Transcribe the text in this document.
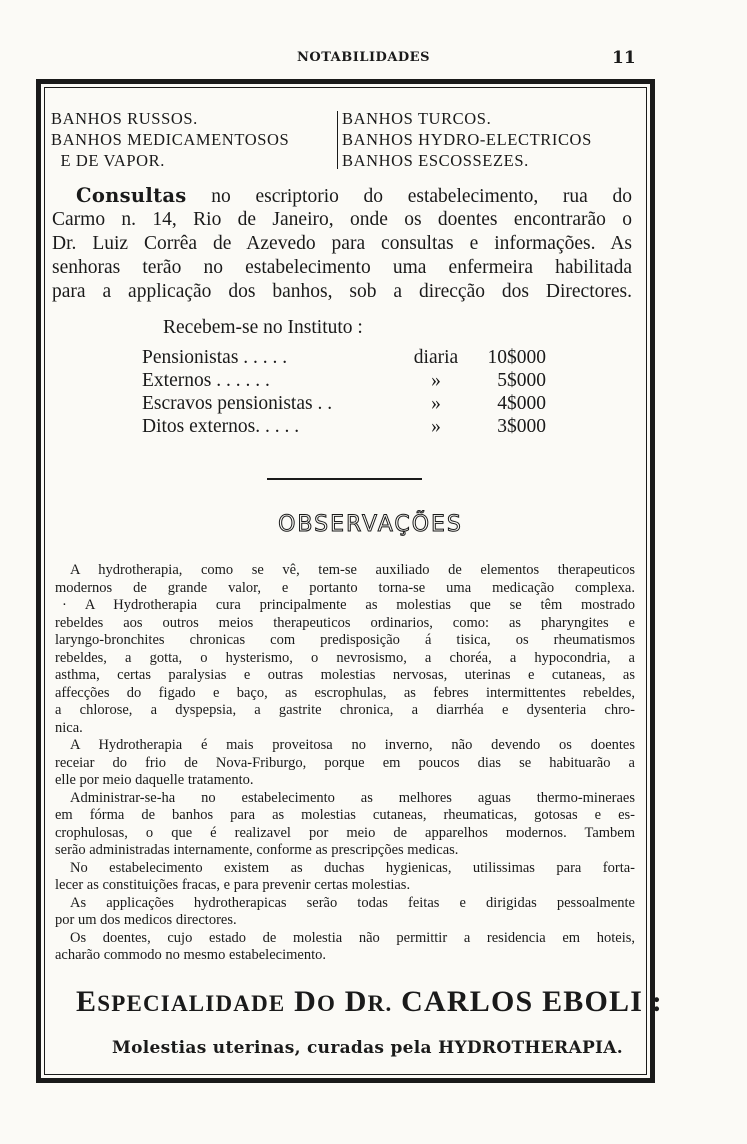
NOTABILIDADES	11
BANHOS RUSSOS.
BANHOS MEDICAMENTOSOS
E DE VAPOR.
BANHOS TURCOS.
BANHOS HYDRO-ELECTRICOS
BANHOS ESCOSSEZES.
Consultas no escriptorio do estabelecimento, rua do
Carmo n. 14, Rio de Janeiro, onde os doentes encontrarão o
Dr. Luiz Corrêa de Azevedo para consultas e informações. As
senhoras terão no estabelecimento uma enfermeira habilitada
para a applicação dos banhos, sob a direcção dos Directores.
Recebem-se no Instituto :
Pensionistas . . . . .	diaria	10$000
Externos . . . . . .	»	5$000
Escravos pensionistas . .	»	4$000
Ditos externos. . . . .	»	3$000
OBSERVAÇÕES
A hydrotherapia, como se vê, tem-se auxiliado de elementos therapeuticos
modernos de grande valor, e portanto torna-se uma medicação complexa.
· A Hydrotherapia cura principalmente as molestias que se têm mostrado
rebeldes aos outros meios therapeuticos ordinarios, como: as pharyngites e
laryngo-bronchites chronicas com predisposição á tisica, os rheumatismos
rebeldes, a gotta, o hysterismo, o nevrosismo, a choréa, a hypocondria, a
asthma, certas paralysias e outras molestias nervosas, uterinas e cutaneas, as
affecções do figado e baço, as escrophulas, as febres intermittentes rebeldes,
a chlorose, a dyspepsia, a gastrite chronica, a diarrhéa e dysenteria chro-
nica.
A Hydrotherapia é mais proveitosa no inverno, não devendo os doentes
receiar do frio de Nova-Friburgo, porque em poucos dias se habituarão a
elle por meio daquelle tratamento.
Administrar-se-ha no estabelecimento as melhores aguas thermo-mineraes
em fórma de banhos para as molestias cutaneas, rheumaticas, gotosas e es-
crophulosas, o que é realizavel por meio de apparelhos modernos. Tambem
serão administradas internamente, conforme as prescripções medicas.
No estabelecimento existem as duchas hygienicas, utilissimas para forta-
lecer as constituições fracas, e para prevenir certas molestias.
As applicações hydrotherapicas serão todas feitas e dirigidas pessoalmente
por um dos medicos directores.
Os doentes, cujo estado de molestia não permittir a residencia em hoteis,
acharão commodo no mesmo estabelecimento.
ESPECIALIDADE DO DR. CARLOS EBOLI :
Molestias uterinas, curadas pela HYDROTHERAPIA.
